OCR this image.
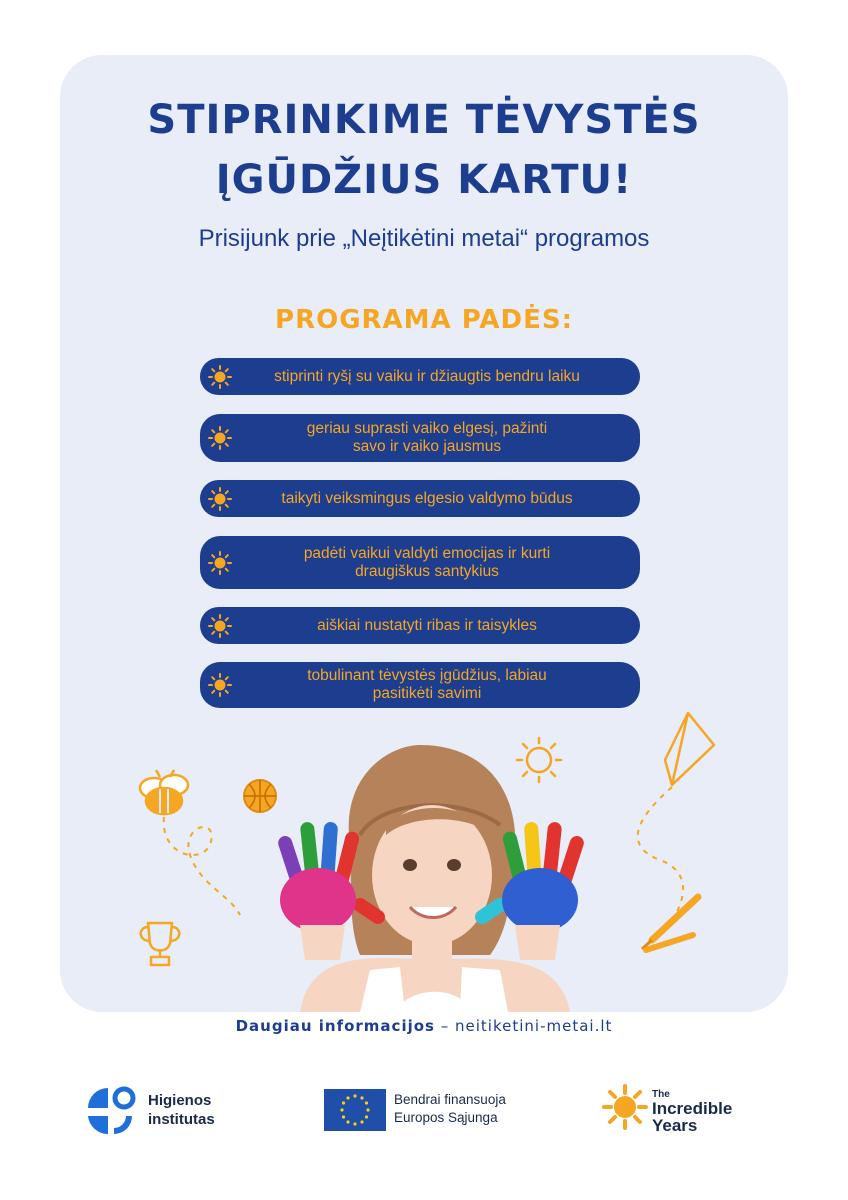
STIPRINKIME TĖVYSTĖS
ĮGŪDŽIUS KARTU!
Prisijunk prie „Neįtikėtini metai“ programos
PROGRAMA PADĖS:
stiprinti ryšį su vaiku ir džiaugtis bendru laiku
geriau suprasti vaiko elgesį, pažinti
savo ir vaiko jausmus
taikyti veiksmingus elgesio valdymo būdus
padėti vaikui valdyti emocijas ir kurti
draugiškus santykius
aiškiai nustatyti ribas ir taisykles
tobulinant tėvystės įgūdžius, labiau
pasitikėti savimi
Daugiau informacijos – neitiketini-metai.lt
Higienos
institutas
Bendrai finansuoja
Europos Sąjunga
The
Incredible
Years
